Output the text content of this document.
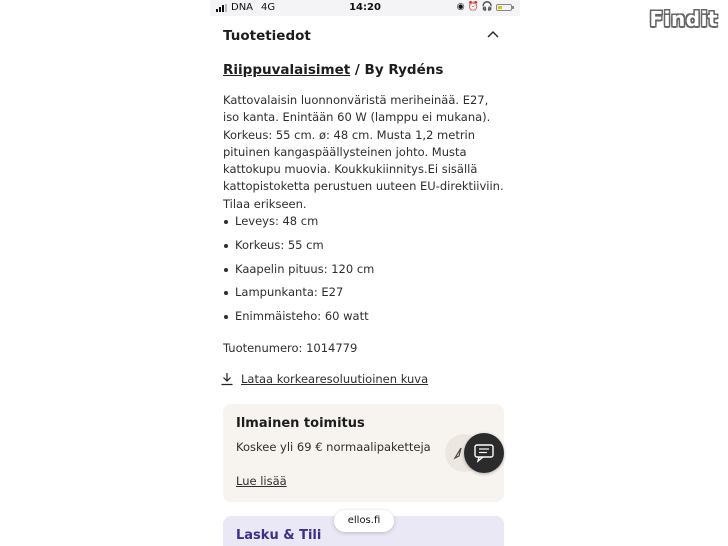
DNA 4G	14:20	◉ ⏰ 🎧
Tuotetiedot
Riippuvalaisimet / By Rydéns
Kattovalaisin luonnonväristä meriheinää. E27, iso kanta. Enintään 60 W (lamppu ei mukana). Korkeus: 55 cm. ø: 48 cm. Musta 1,2 metrin pituinen kangaspäällysteinen johto. Musta kattokupu muovia. Koukkukiinnitys.Ei sisällä kattopistoketta perustuen uuteen EU-direktiiviin. Tilaa erikseen.
Leveys: 48 cm
Korkeus: 55 cm
Kaapelin pituus: 120 cm
Lampunkanta: E27
Enimmäisteho: 60 watt
Tuotenumero: 1014779
Lataa korkearesoluutioinen kuva
Ilmainen toimitus
Koskee yli 69 € normaalipaketteja
Lue lisää
Lasku & Tili
ellos.fi
Findit
